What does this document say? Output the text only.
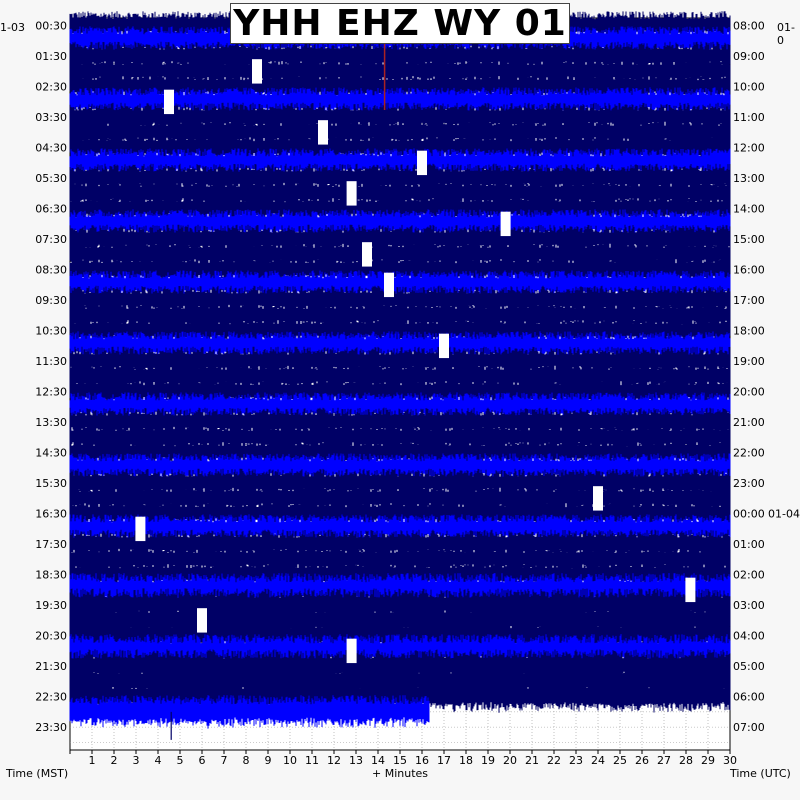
00:30
01:30
02:30
03:30
04:30
05:30
06:30
07:30
08:30
09:30
10:30
11:30
12:30
13:30
14:30
15:30
16:30
17:30
18:30
19:30
20:30
21:30
22:30
23:30
08:00
09:00
10:00
11:00
12:00
13:00
14:00
15:00
16:00
17:00
18:00
19:00
20:00
21:00
22:00
23:00
00:00 01-04
01:00
02:00
03:00
04:00
05:00
06:00
07:00
1 2 3 4 5 6 7 8 9 10 11 12 13 14 15 16 17 18 19 20 21 22 23 24 25 26 27 28 29 30
YHH EHZ WY 01
1-03	01-0
Time (MST)	+ Minutes	Time (UTC)
